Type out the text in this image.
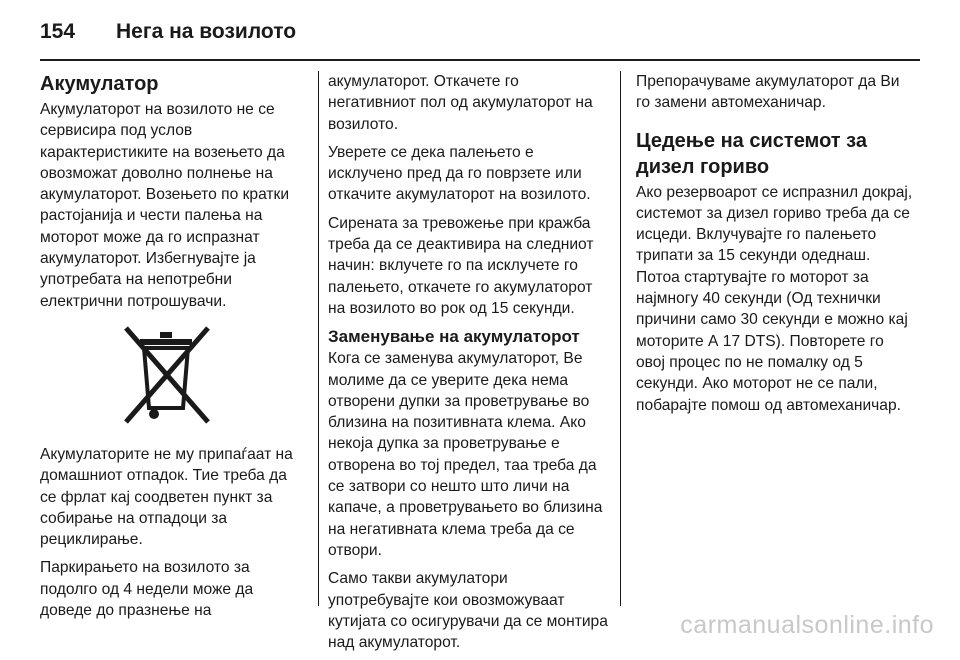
154	Нега на возилото
Акумулатор

Акумулаторот на возилото не се сервисира под услов карактеристиките на возењето да овозможат доволно полнење на акумулаторот. Возењето по кратки растојанија и чести палења на моторот може да го испразнат акумулаторот. Избегнувајте ја употребата на непотребни електрични потрошувачи.

Акумулаторите не му припаѓаат на домашниот отпадок. Тие треба да се фрлат кај соодветен пункт за собирање на отпадоци за рециклирање.

Паркирањето на возилото за подолго од 4 недели може да доведе до празнење на

акумулаторот. Откачете го негативниот пол од акумулаторот на возилото.

Уверете се дека палењето е исклучено пред да го поврзете или откачите акумулаторот на возилото.

Сирената за тревожење при кражба треба да се деактивира на следниот начин: вклучете го па исклучете го палењето, откачете го акумулаторот на возилото во рок од 15 секунди.

Заменување на акумулаторот

Кога се заменува акумулаторот, Ве молиме да се уверите дека нема отворени дупки за проветрување во близина на позитивната клема. Ако некоја дупка за проветрување е отворена во тој предел, таа треба да се затвори со нешто што личи на капаче, а проветрувањето во близина на негативната клема треба да се отвори.

Само такви акумулатори употребувајте кои овозможуваат кутијата со осигурувачи да се монтира над акумулаторот.

Препорачуваме акумулаторот да Ви го замени автомеханичар.

Цедење на системот за дизел гориво

Ако резервоарот се испразнил докрај, системот за дизел гориво треба да се исцеди. Вклучувајте го палењето трипати за 15 секунди одеднаш. Потоа стартувајте го моторот за најмногу 40 секунди (Од технички причини само 30 секунди е можно кај моторите А 17 DTS). Повторете го овој процес по не помалку од 5 секунди. Ако моторот не се пали, побарајте помош од автомеханичар.

carmanualsonline.info
